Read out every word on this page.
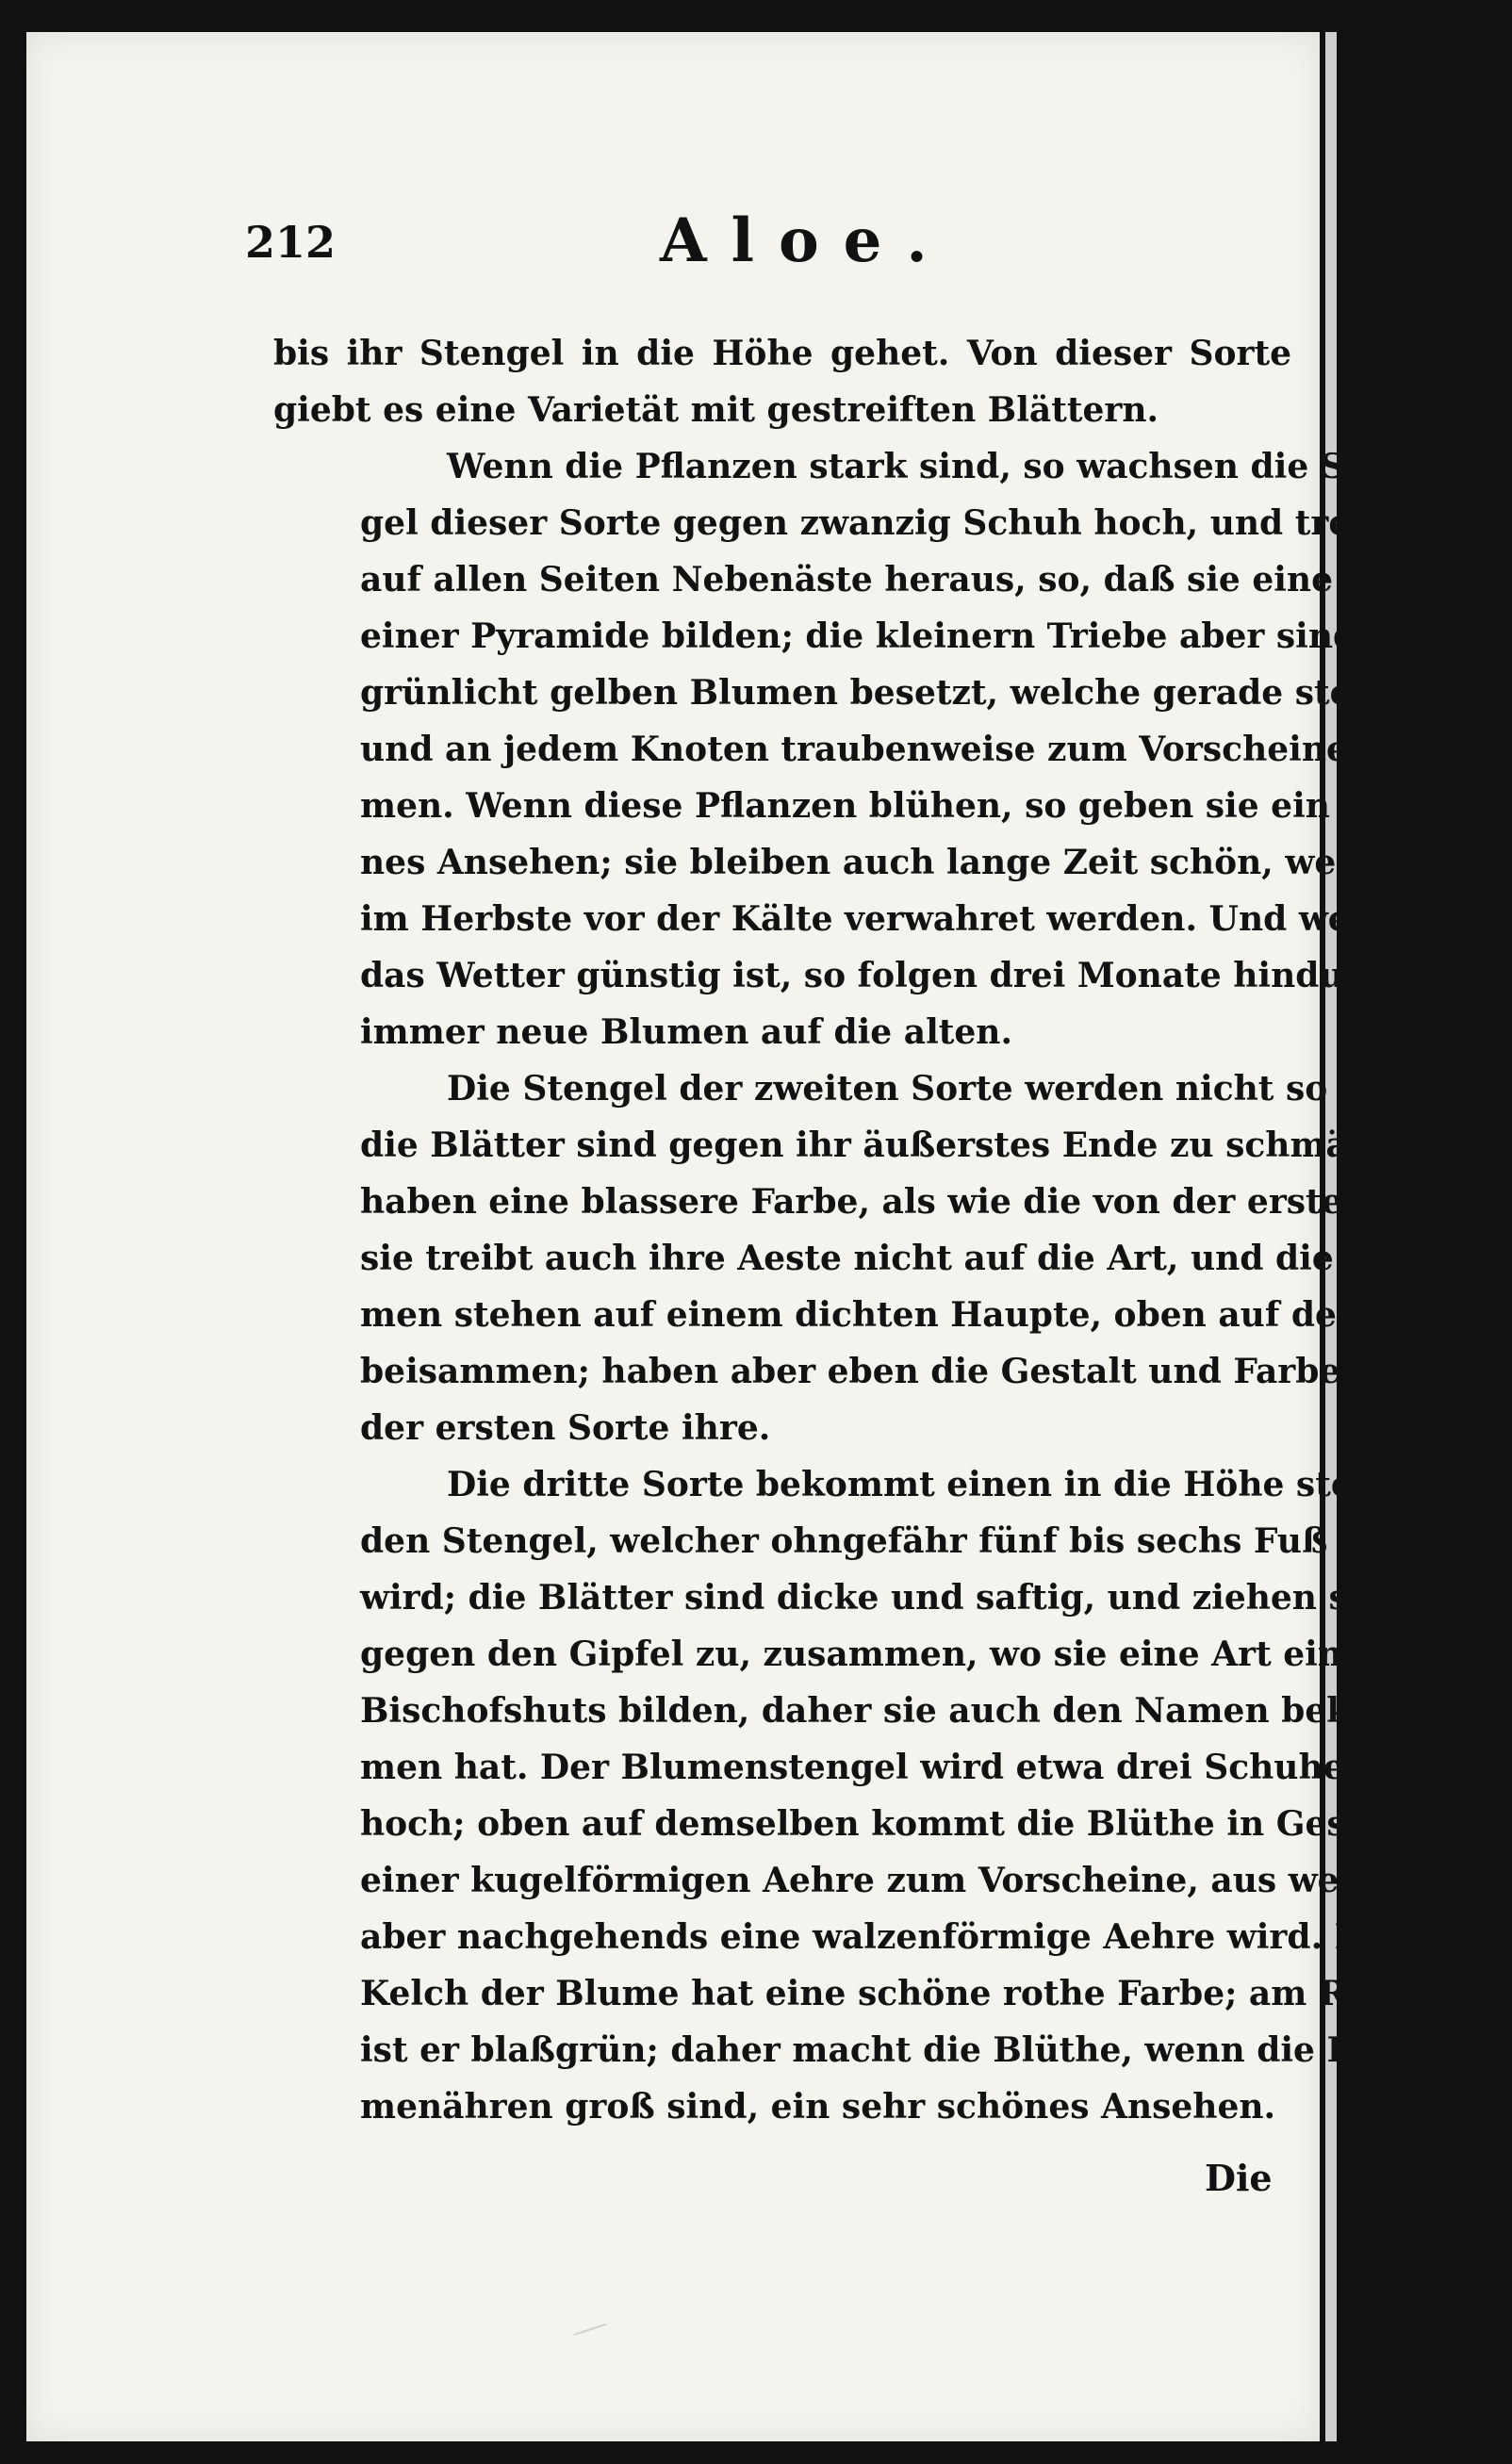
212	Aloe.
bis ihr Stengel in die Höhe gehet. Von dieser Sorte
giebt es eine Varietät mit gestreiften Blättern.
Wenn die Pflanzen stark sind, so wachsen die Sten-
gel dieser Sorte gegen zwanzig Schuh hoch, und treiben
auf allen Seiten Nebenäste heraus, so, daß sie eine Art
einer Pyramide bilden; die kleinern Triebe aber sind mit
grünlicht gelben Blumen besetzt, welche gerade stehen,
und an jedem Knoten traubenweise zum Vorscheine kom-
men. Wenn diese Pflanzen blühen, so geben sie ein schö-
nes Ansehen; sie bleiben auch lange Zeit schön, wenn sie
im Herbste vor der Kälte verwahret werden. Und wenn
das Wetter günstig ist, so folgen drei Monate hindurch,
immer neue Blumen auf die alten.
Die Stengel der zweiten Sorte werden nicht so hoch,
die Blätter sind gegen ihr äußerstes Ende zu schmäler und
haben eine blassere Farbe, als wie die von der erstern Sorte:
sie treibt auch ihre Aeste nicht auf die Art, und die Blu-
men stehen auf einem dichten Haupte, oben auf der Spitze
beisammen; haben aber eben die Gestalt und Farbe wie
der ersten Sorte ihre.
Die dritte Sorte bekommt einen in die Höhe stehen-
den Stengel, welcher ohngefähr fünf bis sechs Fuß hoch
wird; die Blätter sind dicke und saftig, und ziehen sich
gegen den Gipfel zu, zusammen, wo sie eine Art eines
Bischofshuts bilden, daher sie auch den Namen bekom-
men hat. Der Blumenstengel wird etwa drei Schuhe
hoch; oben auf demselben kommt die Blüthe in Gestalt
einer kugelförmigen Aehre zum Vorscheine, aus welcher
aber nachgehends eine walzenförmige Aehre wird. Der
Kelch der Blume hat eine schöne rothe Farbe; am Rande
ist er blaßgrün; daher macht die Blüthe, wenn die Blu-
menähren groß sind, ein sehr schönes Ansehen.
Die
